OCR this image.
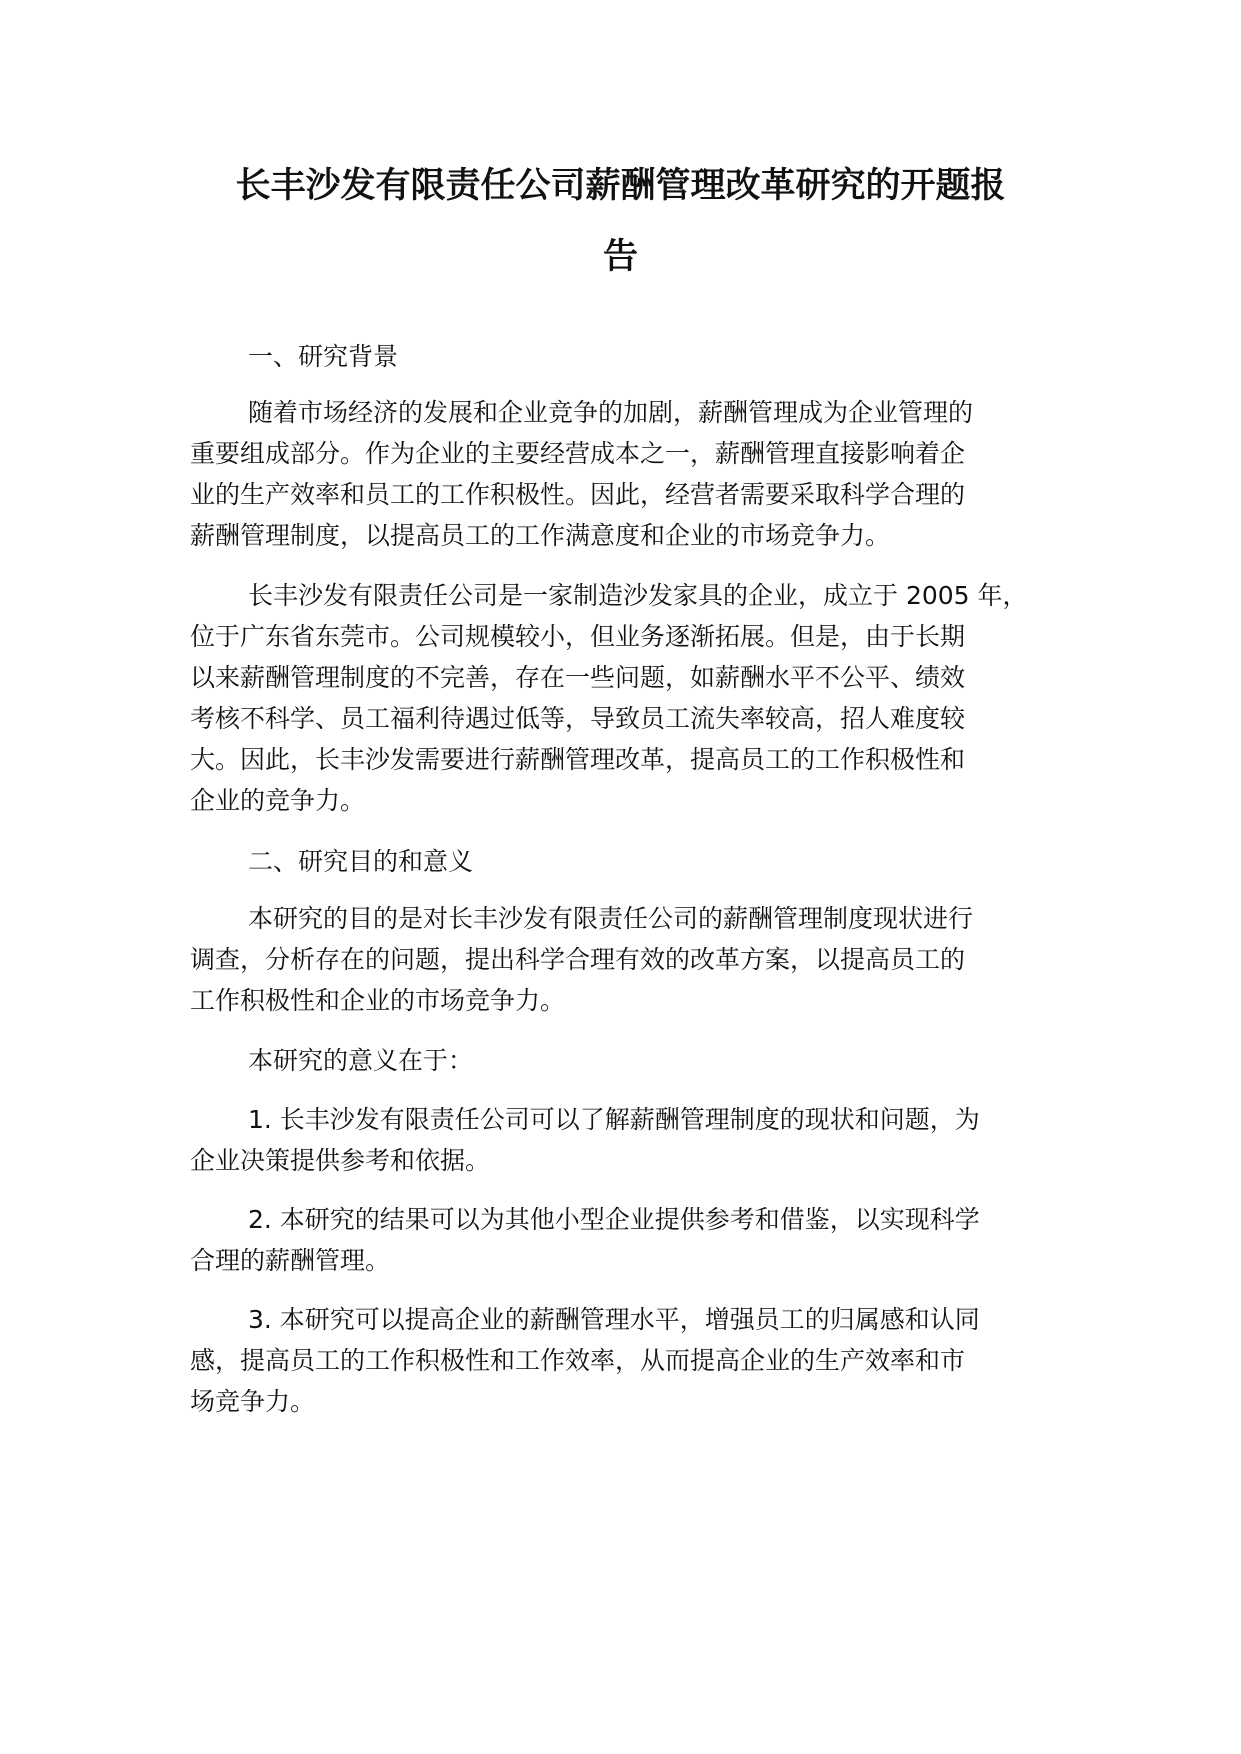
长丰沙发有限责任公司薪酬管理改革研究的开题报
告
一、研究背景
随着市场经济的发展和企业竞争的加剧，薪酬管理成为企业管理的
重要组成部分。作为企业的主要经营成本之一，薪酬管理直接影响着企
业的生产效率和员工的工作积极性。因此，经营者需要采取科学合理的
薪酬管理制度，以提高员工的工作满意度和企业的市场竞争力。
长丰沙发有限责任公司是一家制造沙发家具的企业，成立于 2005 年，
位于广东省东莞市。公司规模较小，但业务逐渐拓展。但是，由于长期
以来薪酬管理制度的不完善，存在一些问题，如薪酬水平不公平、绩效
考核不科学、员工福利待遇过低等，导致员工流失率较高，招人难度较
大。因此，长丰沙发需要进行薪酬管理改革，提高员工的工作积极性和
企业的竞争力。
二、研究目的和意义
本研究的目的是对长丰沙发有限责任公司的薪酬管理制度现状进行
调查，分析存在的问题，提出科学合理有效的改革方案，以提高员工的
工作积极性和企业的市场竞争力。
本研究的意义在于：
1. 长丰沙发有限责任公司可以了解薪酬管理制度的现状和问题，为
企业决策提供参考和依据。
2. 本研究的结果可以为其他小型企业提供参考和借鉴，以实现科学
合理的薪酬管理。
3. 本研究可以提高企业的薪酬管理水平，增强员工的归属感和认同
感，提高员工的工作积极性和工作效率，从而提高企业的生产效率和市
场竞争力。
